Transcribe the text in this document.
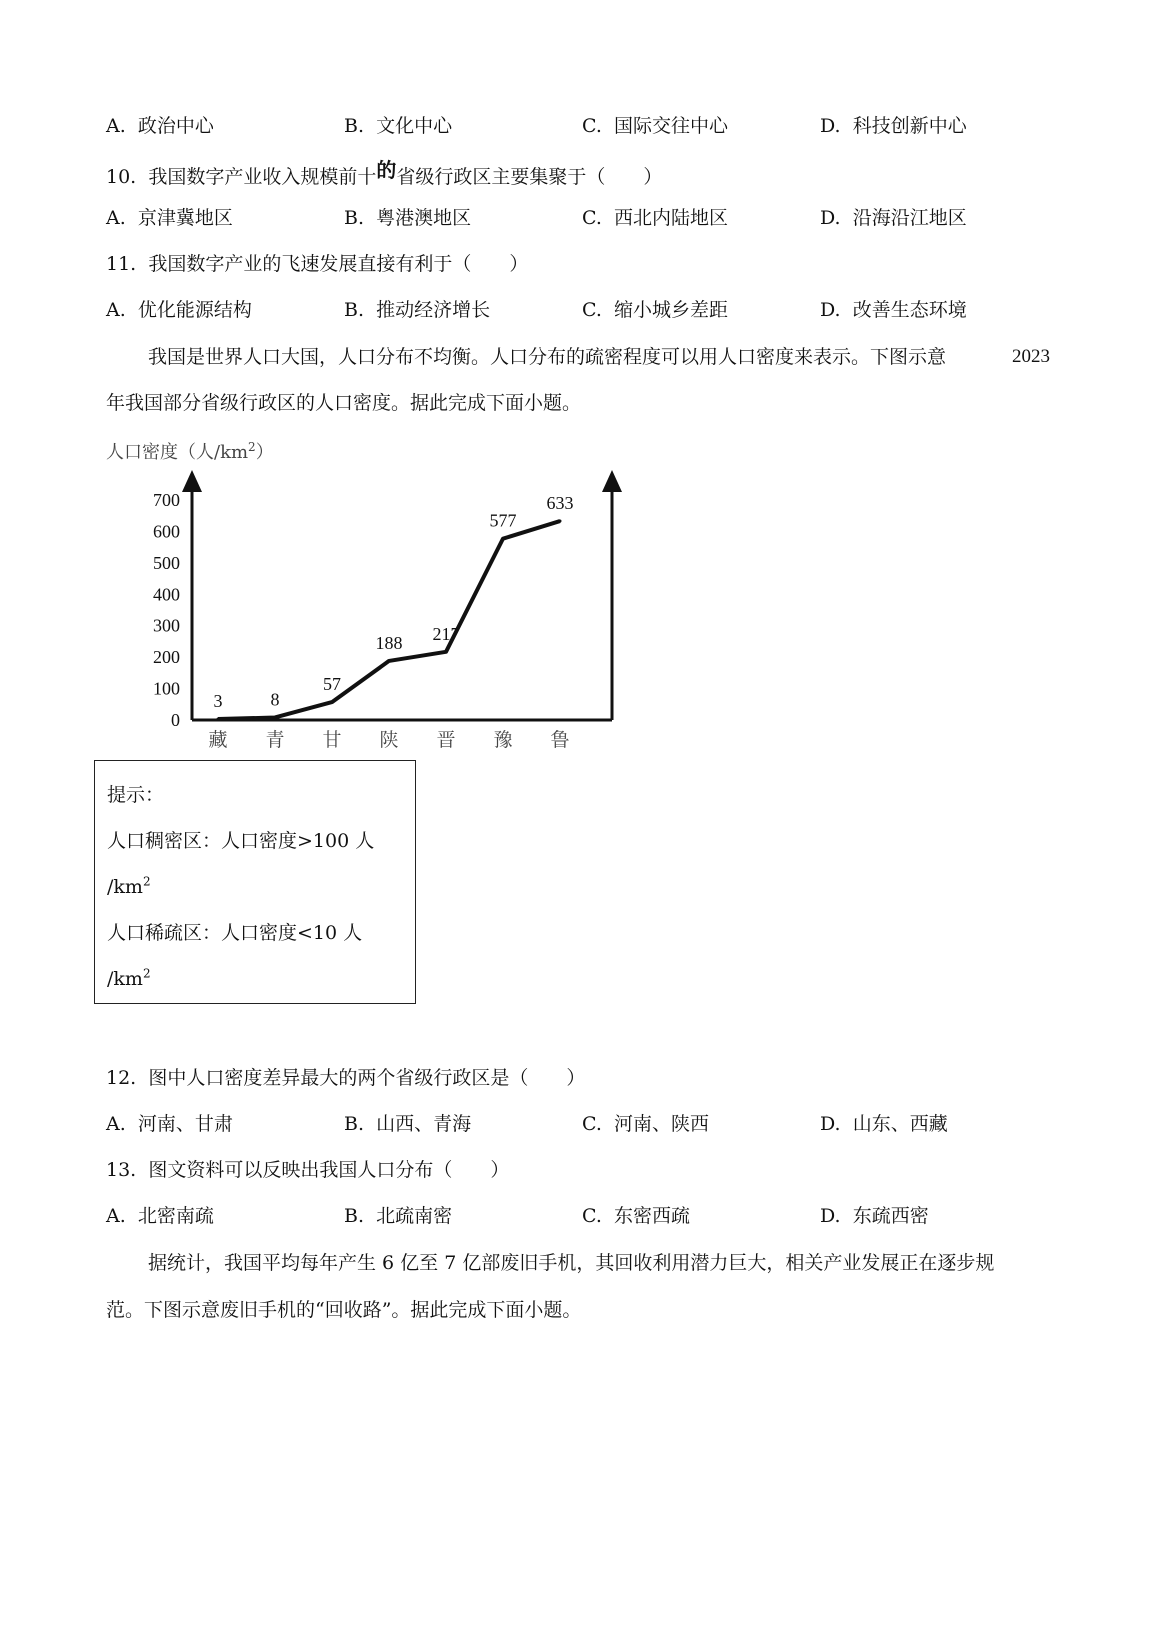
A. 政治中心	B. 文化中心	C. 国际交往中心	D. 科技创新中心
10. 我国数字产业收入规模前十的省级行政区主要集聚于（　　）
A. 京津冀地区	B. 粤港澳地区	C. 西北内陆地区	D. 沿海沿江地区
11. 我国数字产业的飞速发展直接有利于（　　）
A. 优化能源结构	B. 推动经济增长	C. 缩小城乡差距	D. 改善生态环境
我国是世界人口大国，人口分布不均衡。人口分布的疏密程度可以用人口密度来表示。下图示意	2023
年我国部分省级行政区的人口密度。据此完成下面小题。
人口密度（人$/km^2$）
0
100
200
300
400
500
600
700
藏 青 甘 陕 晋 豫 鲁
3	8
57
188 217
577
633
提示：
人口稠密区：人口密度>100 人
$/km^2$
人口稀疏区：人口密度<10 人
$/km^2$
12. 图中人口密度差异最大的两个省级行政区是（　　）
A. 河南、甘肃	B. 山西、青海	C. 河南、陕西	D. 山东、西藏
13. 图文资料可以反映出我国人口分布（　　）
A. 北密南疏	B. 北疏南密	C. 东密西疏	D. 东疏西密
据统计，我国平均每年产生 6 亿至 7 亿部废旧手机，其回收利用潜力巨大，相关产业发展正在逐步规
范。下图示意废旧手机的“回收路”。据此完成下面小题。
